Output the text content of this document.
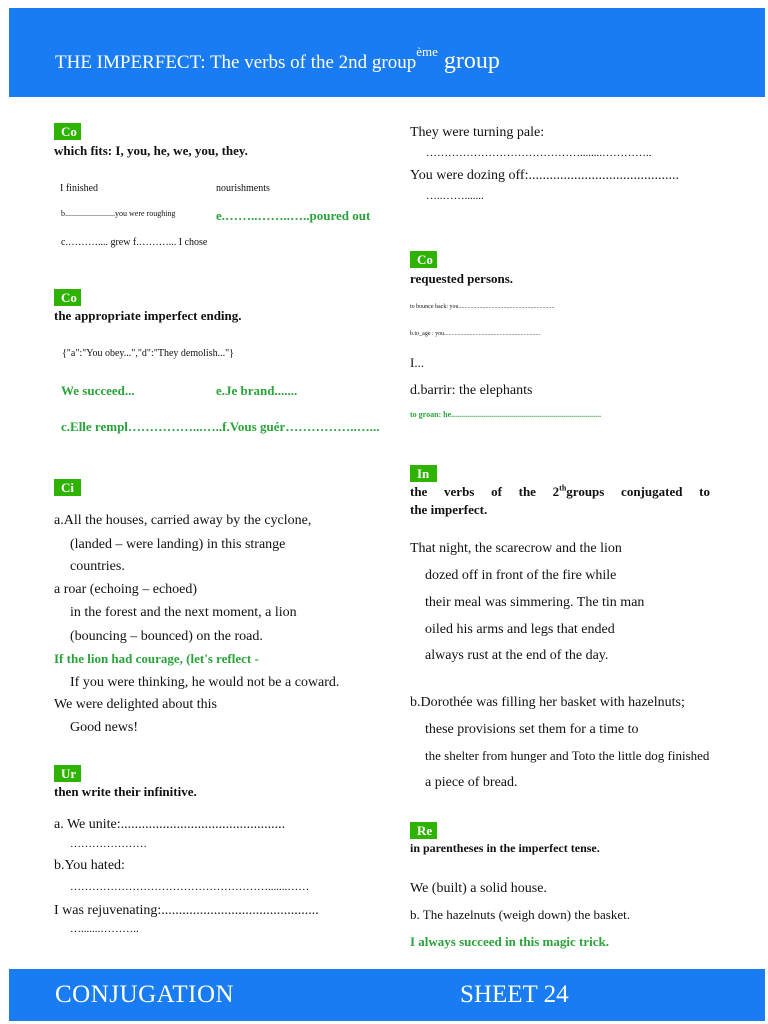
THE IMPERFECT: The verbs of the 2nd group$^{ème}$ group
Co
which fits: I, you, he, we, you, they.
I finished	nourishments
b.........................you were roughing	e.……..……..…..poured out
c.……….... grew f.………... I chose
Co
the appropriate imperfect ending.
{"a":"You obey...","d":"They demolish..."}
We succeed...	e.Je brand.......
c.Elle rempl……………...…..f.Vous guér……………..…...
Ci
a.All the houses, carried away by the cyclone,
(landed – were landing) in this strange
countries.
a roar (echoing – echoed)
in the forest and the next moment, a lion
(bouncing – bounced) on the road.
If the lion had courage, (let's reflect -
If you were thinking, he would not be a coward.
We were delighted about this
Good news!
Ur
then write their infinitive.
a. We unite:...............................................
…………………
b.You hated:
……………………………………………….......……
I was rejuvenating:.............................................
….......………..
They were turning pale:
……………………………………........…………..
You were dozing off:...........................................
…..…….......
Co
requested persons.
to bounce back: you................................................................
b.to_age : you................................................................
I...
d.barrir: the elephants
to groan: he...........................................................................
In
the verbs of the 2thgroups conjugated to
the imperfect.
That night, the scarecrow and the lion
dozed off in front of the fire while
their meal was simmering. The tin man
oiled his arms and legs that ended
always rust at the end of the day.
b.Dorothée was filling her basket with hazelnuts;
these provisions set them for a time to
the shelter from hunger and Toto the little dog finished
a piece of bread.
Re
in parentheses in the imperfect tense.
We (built) a solid house.
b. The hazelnuts (weigh down) the basket.
I always succeed in this magic trick.
CONJUGATION	SHEET 24
